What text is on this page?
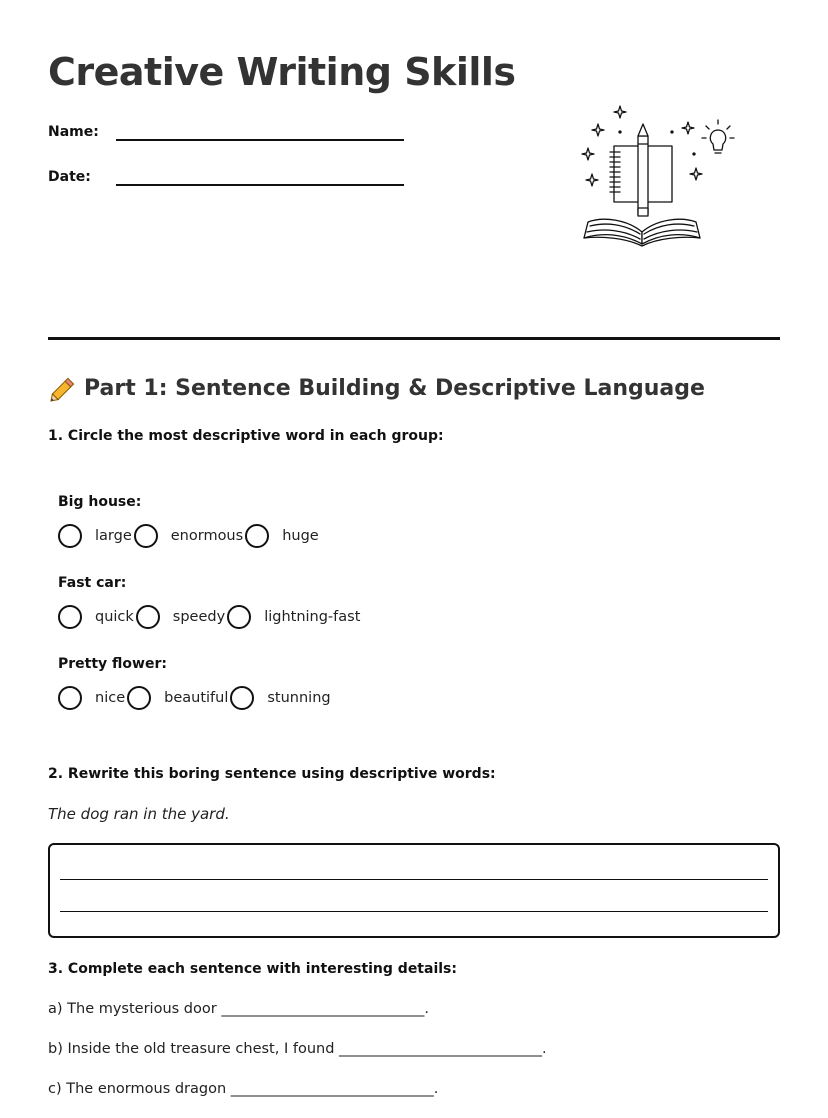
Creative Writing Skills
Name:
Date:
Part 1: Sentence Building & Descriptive Language

1. Circle the most descriptive word in each group:

Big house:
large	enormous	huge
Fast car:
quick	speedy	lightning-fast
Pretty flower:
nice	beautiful	stunning

2. Rewrite this boring sentence using descriptive words:

The dog ran in the yard.

3. Complete each sentence with interesting details:

a) The mysterious door ____________________________.
b) Inside the old treasure chest, I found ____________________________.
c) The enormous dragon ____________________________.
